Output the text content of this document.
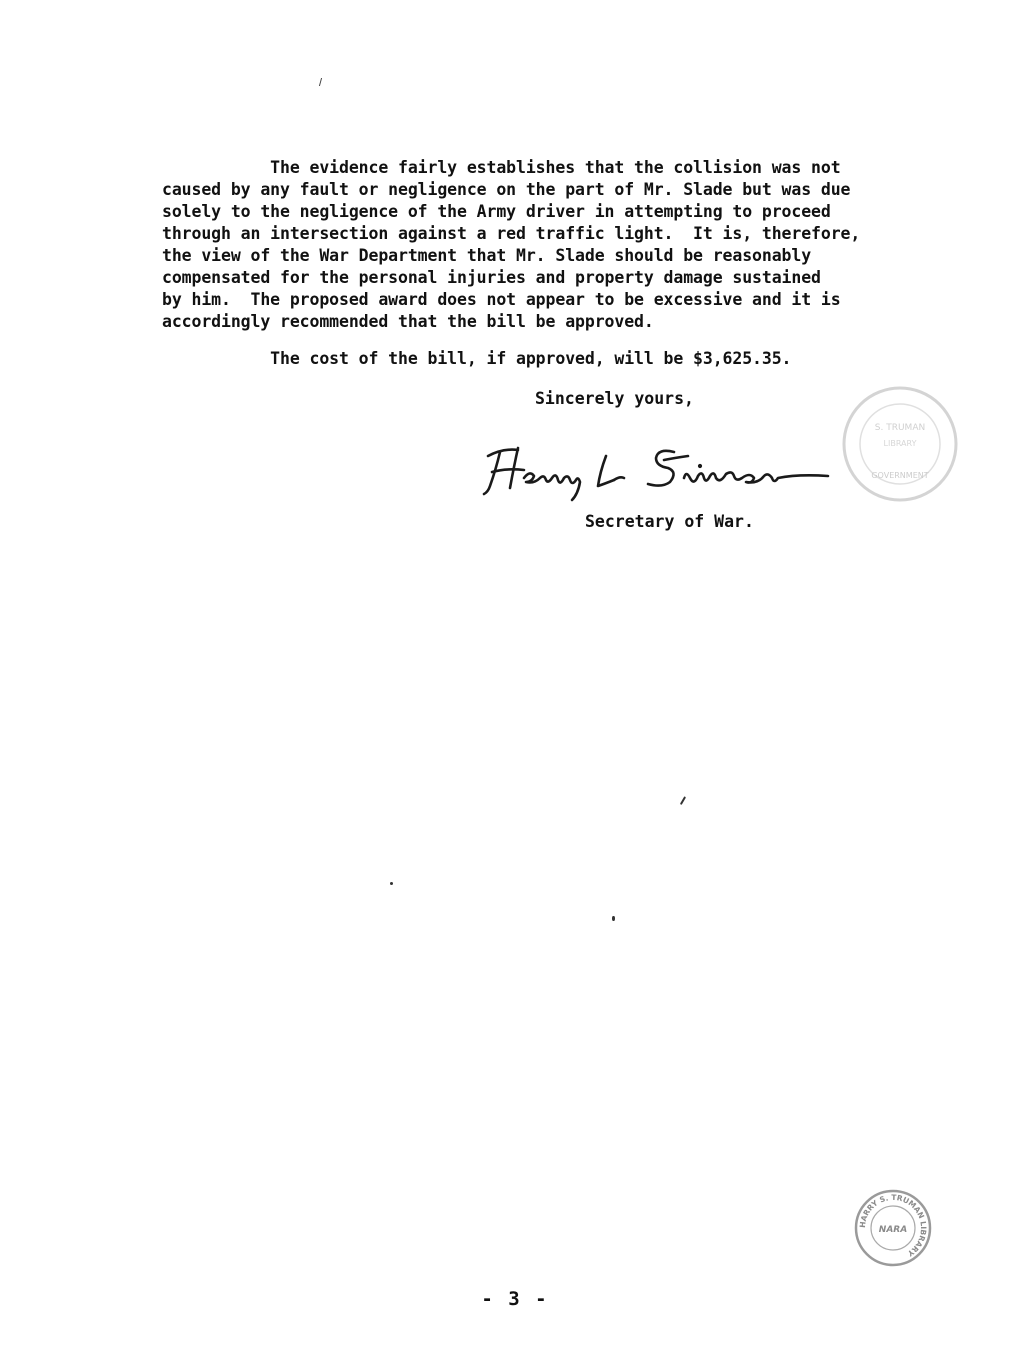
The evidence fairly establishes that the collision was not
caused by any fault or negligence on the part of Mr. Slade but was due
solely to the negligence of the Army driver in attempting to proceed
through an intersection against a red traffic light.  It is, therefore,
the view of the War Department that Mr. Slade should be reasonably
compensated for the personal injuries and property damage sustained
by him.  The proposed award does not appear to be excessive and it is
accordingly recommended that the bill be approved.
The cost of the bill, if approved, will be $3,625.35.
Sincerely yours,
S. TRUMAN
LIBRARY
GOVERNMENT
Secretary of War.
HARRY S. TRUMAN LIBRARY
NARA
- 3 -
